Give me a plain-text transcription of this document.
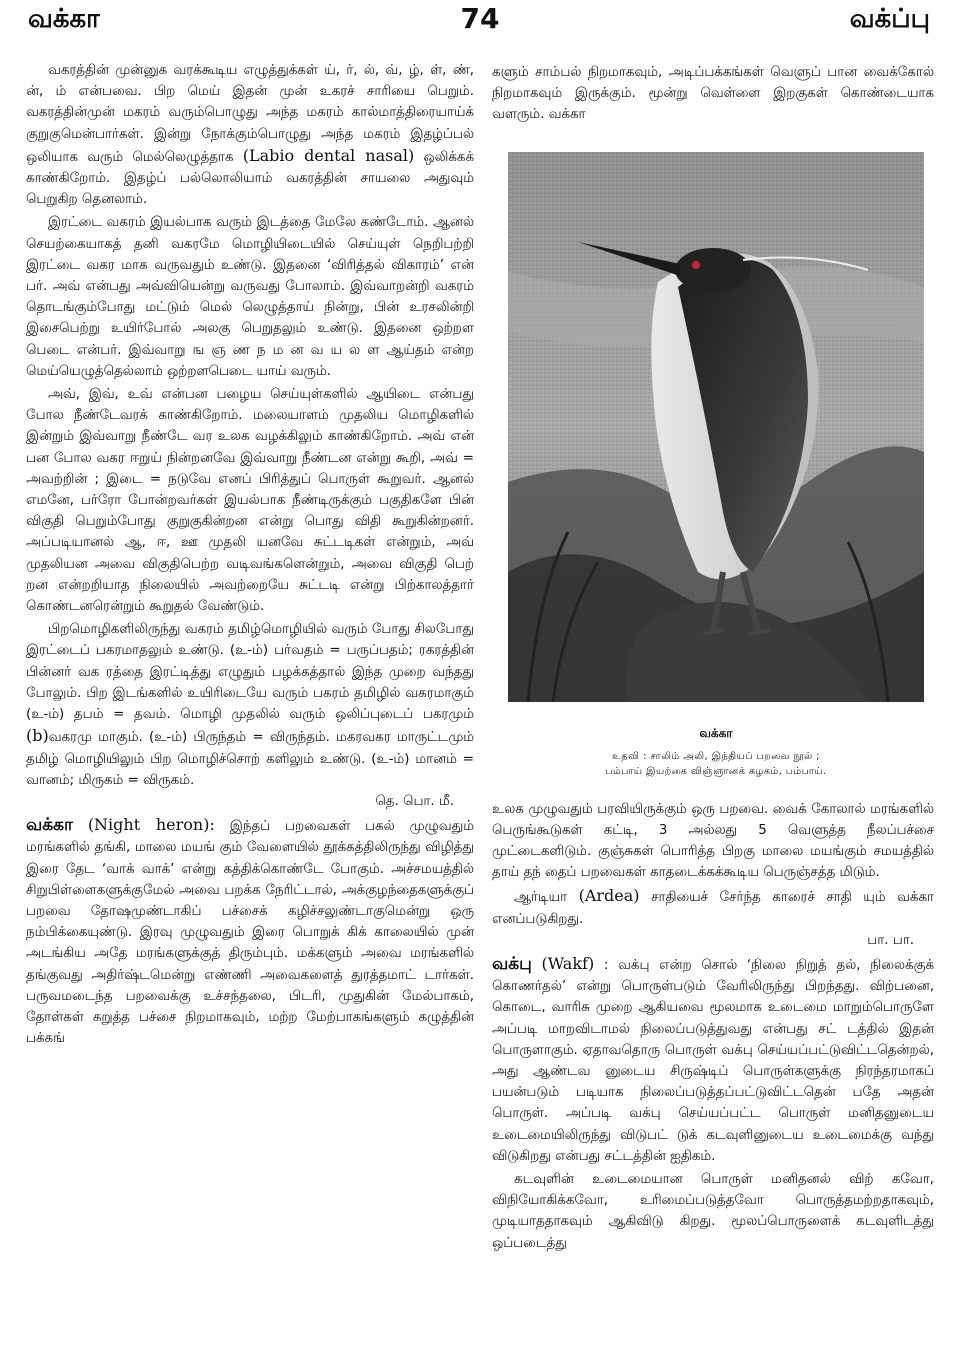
வக்கா	74	வக்ப்பு

வகரத்தின் முன்னுக வரக்கூடிய எழுத்துக்கள் ய், ர், ல், வ், ழ், ள், ண், ன், ம் என்பவை. பிற மெய் இதன் முன் உகரச் சாரியை பெறும். வகரத்தின்முன் மகரம் வரும்பொழுது அந்த மகரம் கால்மாத்திரையாய்க் குறுகுமென்பார்கள். இன்று நோக்கும்பொழுது அந்த மகரம் இதழ்ப்பல் ஒலியாக வரும் மெல்லெழுத்தாக (Labio dental nasal) ஒலிக்கக் காண்கிறோம். இதழ்ப் பல்லொலியாம் வகரத்தின் சாயலை அதுவும் பெறுகிற தெனலாம்.

இரட்டை வகரம் இயல்பாக வரும் இடத்தை மேலே கண்டோம். ஆனல் செயற்கையாகத் தனி வகரமே மொழியிடையில் செய்யுள் நெறிபற்றி இரட்டை வகர மாக வருவதும் உண்டு. இதனை ‘விரித்தல் விகாரம்’ என் பர். அவ் என்பது அவ்வியென்று வருவது போலாம். இவ்வாறன்றி வகரம் தொடங்கும்போது மட்டும் மெல் லெழுத்தாய் நின்று, பின் உரசலின்றி இசைபெற்று உயிர்போல் அலகு பெறுதலும் உண்டு. இதனை ஒற்றள பெடை என்பர். இவ்வாறு ங ஞ ண ந ம ன வ ய ல ள ஆய்தம் என்ற மெய்யெழுத்தெல்லாம் ஒற்றளபெடை யாய் வரும்.

அவ், இவ், உவ் என்பன பழைய செய்யுள்களில் ஆயிடை என்பது போல நீண்டேவரக் காண்கிறோம். மலையாளம் முதலிய மொழிகளில் இன்றும் இவ்வாறு நீண்டே வர உலக வழக்கிலும் காண்கிறோம். அவ் என் பன போல வகர ஈறுய் நின்றனவே இவ்வாறு நீண்டன என்று கூறி, அவ் = அவற்றின் ; இடை = நடுவே எனப் பிரித்துப் பொருள் கூறுவர். ஆனல் எமனே, பர்ரோ போன்றவர்கள் இயல்பாக நீண்டிருக்கும் பகுதிகளே பின் விகுதி பெறும்போது குறுகுகின்றன என்று பொது விதி கூறுகின்றனர். அப்படியானல் ஆ, ஈ, ஊ முதலி யனவே சுட்டடிகள் என்றும், அவ் முதலியன அவை விகுதிபெற்ற வடிவங்களென்றும், அவை விகுதி பெற் றன என்றறியாத நிலையில் அவற்றையே சுட்டடி என்று பிற்காலத்தார் கொண்டனரென்றும் கூறுதல் வேண்டும்.

பிறமொழிகளிலிருந்து வகரம் தமிழ்மொழியில் வரும் போது சிலபோது இரட்டைப் பகரமாதலும் உண்டு. (உ-ம்) பர்வதம் = பருப்பதம்; ரகரத்தின் பின்னர் வக ரத்தை இரட்டித்து எழுதும் பழக்கத்தால் இந்த முறை வந்தது போலும். பிற இடங்களில் உயிரிடையே வரும் பகரம் தமிழில் வகரமாகும் (உ-ம்) தபம் = தவம். மொழி முதலில் வரும் ஒலிப்புடைப் பகரமும் (b)வகரமு மாகும். (உ-ம்) பிருந்தம் = விருந்தம். மகரவகர மாருட்டமும் தமிழ் மொழியிலும் பிற மொழிச்சொற் களிலும் உண்டு. (உ-ம்) மானம் = வானம்; மிருகம் = விருகம்.
தெ. பொ. மீ.

வக்கா (Night heron): இந்தப் பறவைகள் பகல் முழுவதும் மரங்களில் தங்கி, மாலை மயங் கும் வேளையில் தூக்கத்திலிருந்து விழித்து இரை தேட ‘வாக் வாக்’ என்று கத்திக்கொண்டே போகும். அச்சமயத்தில் சிறுபிள்ளைகளுக்குமேல் அவை பறக்க நேரிட்டால், அக்குழந்தைகளுக்குப் பறவை தோஷமுண்டாகிப் பச்சைக் கழிச்சலுண்டாகுமென்று ஒரு நம்பிக்கையுண்டு. இரவு முழுவதும் இரை பொறுக் கிக் காலையில் முன் அடங்கிய அதே மரங்களுக்குத் திரும்பும். மக்களும் அவை மரங்களில் தங்குவது அதிர்ஷ்டமென்று எண்ணி அவைகளைத் துரத்தமாட் டார்கள். பருவமடைந்த பறவைக்கு உச்சந்தலை, பிடரி, முதுகின் மேல்பாகம், தோள்கள் கறுத்த பச்சை நிறமாகவும், மற்ற மேற்பாகங்களும் கழுத்தின் பக்கங்

களும் சாம்பல் நிறமாகவும், அடிப்பக்கங்கள் வெளுப் பான வைக்கோல் நிறமாகவும் இருக்கும். மூன்று வெள்ளை இறகுகள் கொண்டையாக வளரும். வக்கா

வக்கா
உதவி : சாலிம் அலி, இந்தியப் பறவை நூல் ;
பம்பாய் இயற்கை விஞ்ஞானக் கழகம், பம்பாய்.

உலக முழுவதும் பரவியிருக்கும் ஒரு பறவை. வைக் கோலால் மரங்களில் பெருங்கூடுகள் கட்டி, 3 அல்லது 5 வெளுத்த நீலப்பச்சை முட்டைகளிடும். குஞ்சுகள் பொரித்த பிறகு மாலை மயங்கும் சமயத்தில் தாய் தந் தைப் பறவைகள் காதடைக்கக்கூடிய பெருஞ்சத்த மிடும்.

ஆர்டியா (Ardea) சாதியைச் சேர்ந்த காரைச் சாதி யும் வக்கா எனப்படுகிறது.
பா. பா.

வக்பு (Wakf) : வக்பு என்ற சொல் ‘நிலை நிறுத் தல், நிலைக்குக் கொணர்தல்’ என்று பொருள்படும் வேரிலிருந்து பிறந்தது. விற்பனை, கொடை, வாரிசு முறை ஆகியவை மூலமாக உடைமை மாறும்பொருளே அப்படி மாறவிடாமல் நிலைப்படுத்துவது என்பது சட் டத்தில் இதன் பொருளாகும். ஏதாவதொரு பொருள் வக்பு செய்யப்பட்டுவிட்டதென்றல், அது ஆண்டவ னுடைய சிருஷ்டிப் பொருள்களுக்கு நிரந்தரமாகப் பயன்படும் படியாக நிலைப்படுத்தப்பட்டுவிட்டதென் பதே அதன் பொருள். அப்படி வக்பு செய்யப்பட்ட பொருள் மனிதனுடைய உடைமையிலிருந்து விடுபட் டுக் கடவுளினுடைய உடைமைக்கு வந்து விடுகிறது என்பது சட்டத்தின் ஐதிகம்.

கடவுளின் உடைமையான பொருள் மனிதனல் விற் கவோ, விநியோகிக்கவோ, உரிமைப்படுத்தவோ பொருத்தமற்றதாகவும், முடியாததாகவும் ஆகிவிடு கிறது. மூலப்பொருளைக் கடவுளிடத்து ஒப்படைத்து
